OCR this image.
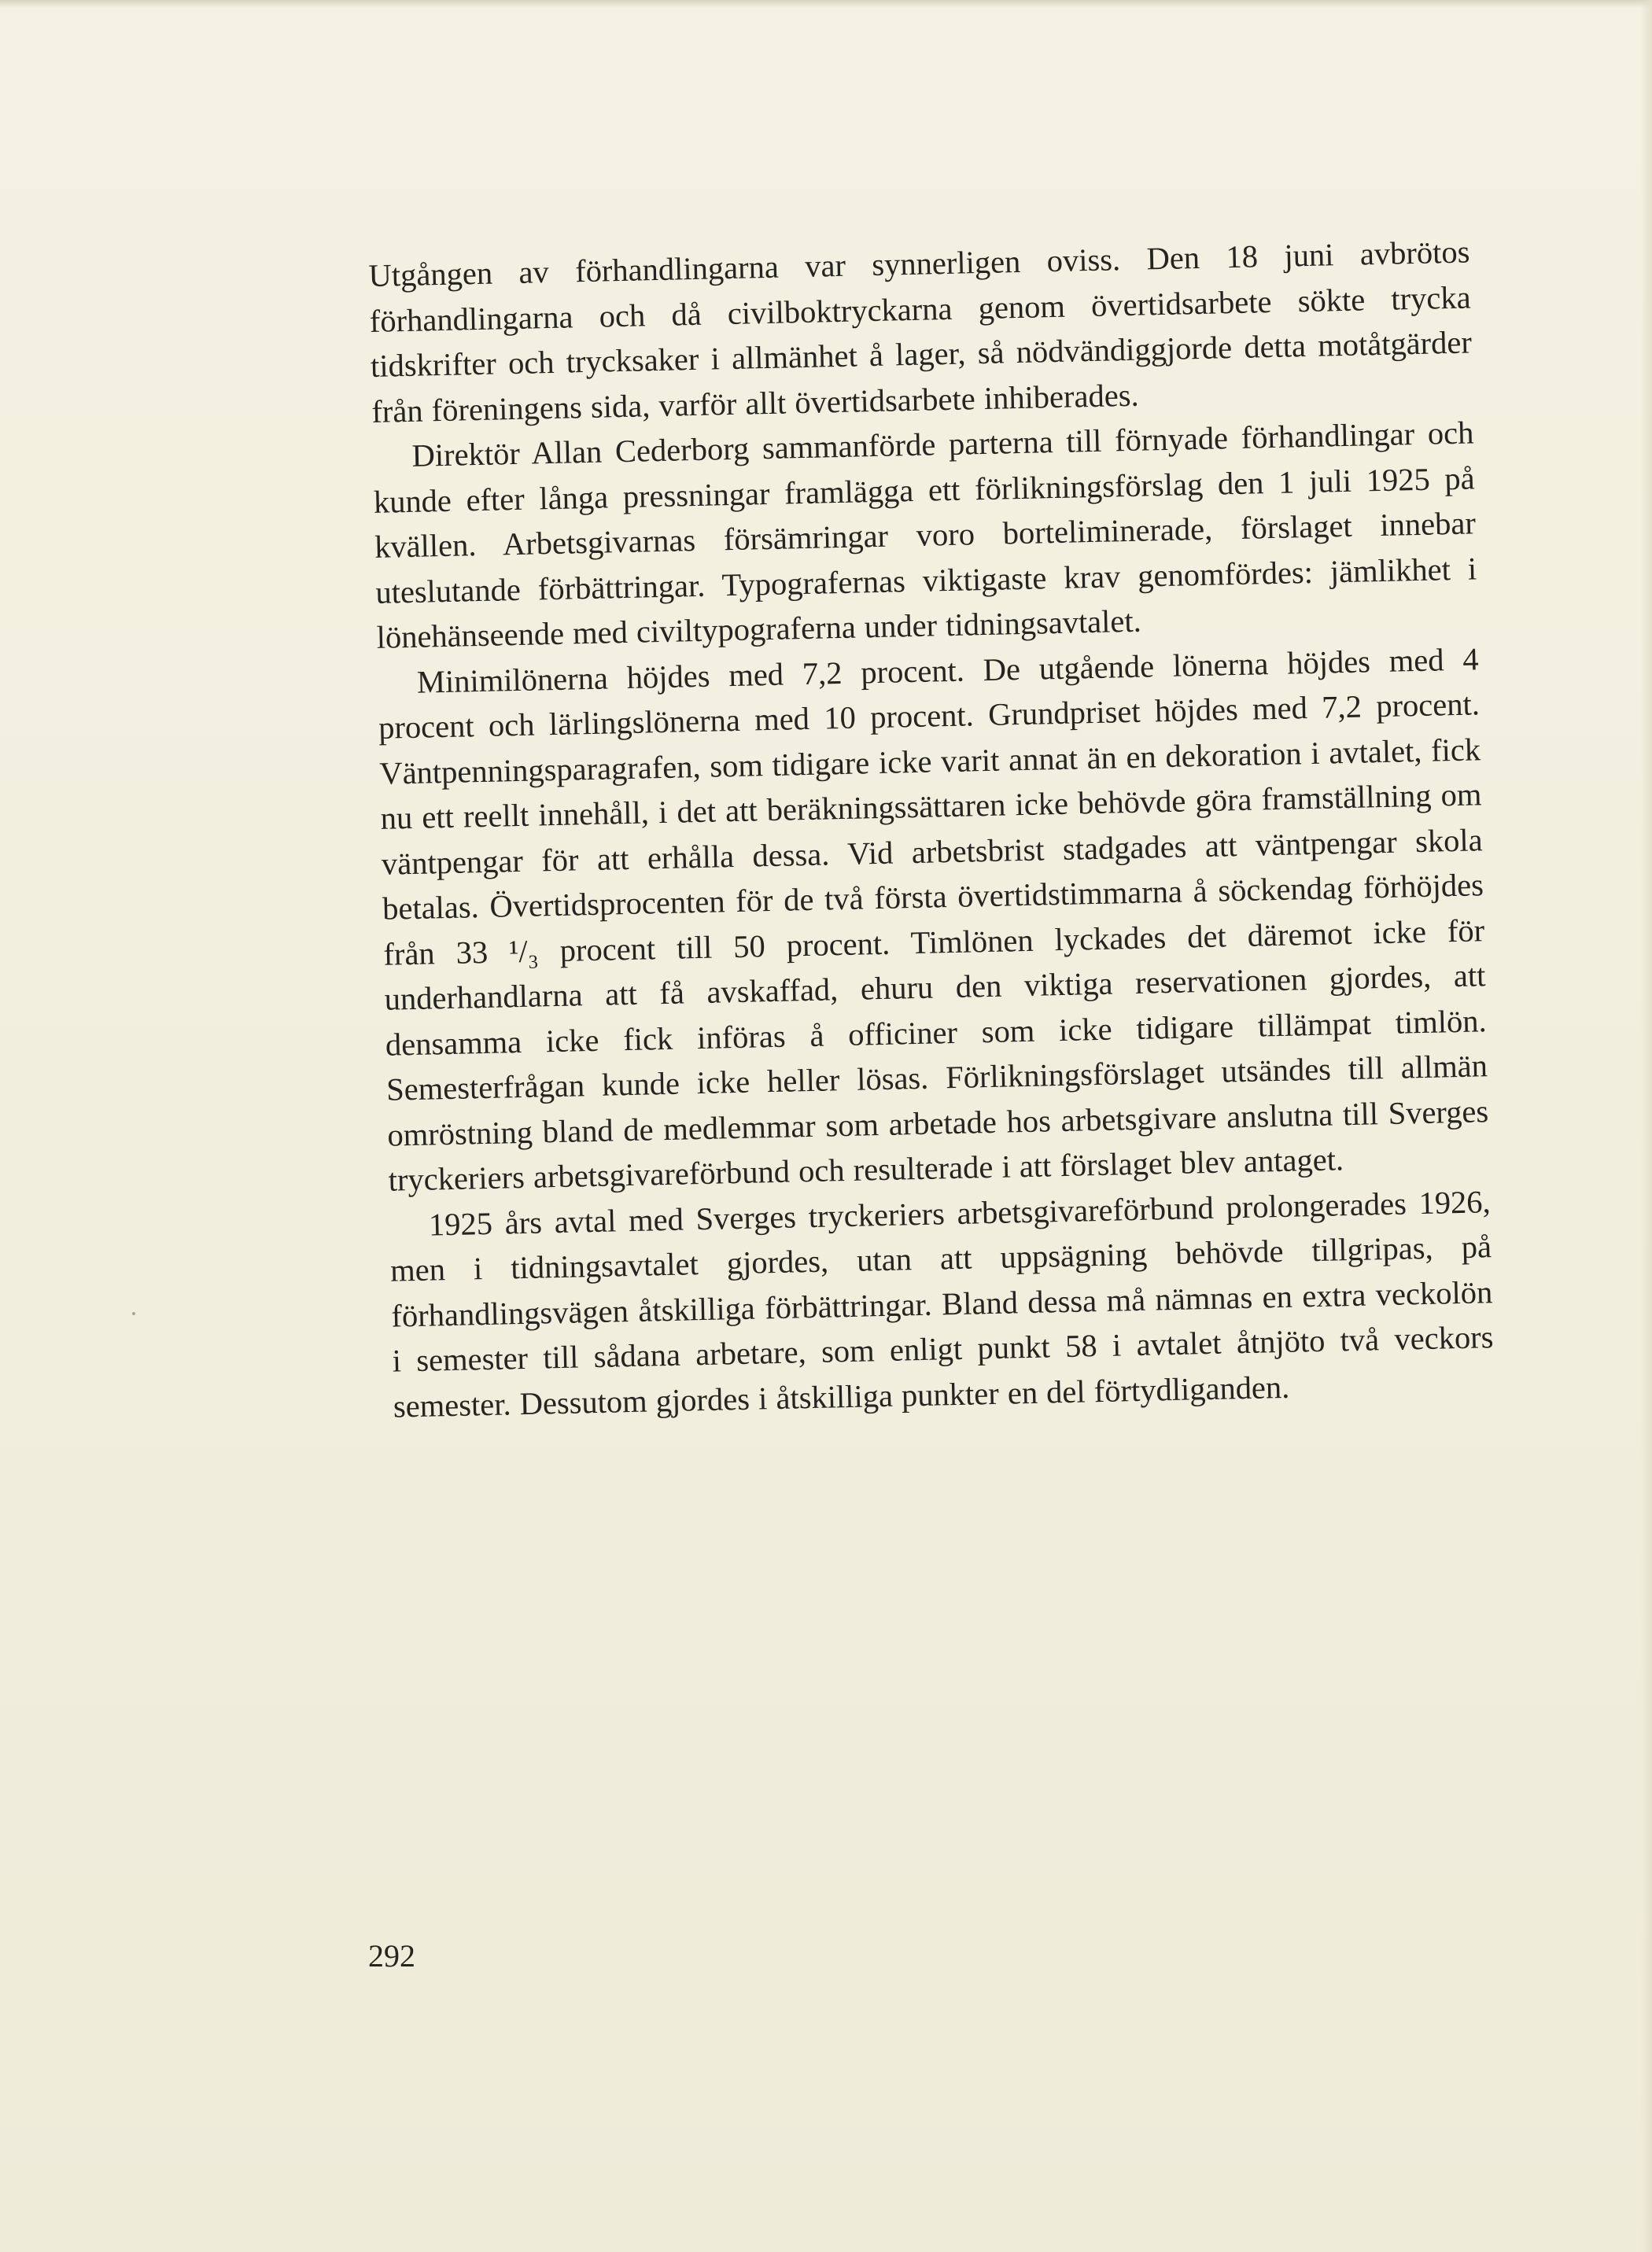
Utgången av förhandlingarna var synnerligen oviss. Den 18 juni avbrötos förhandlingarna och då civilboktryckarna genom övertidsarbete sökte trycka tidskrifter och trycksaker i allmänhet å lager, så nödvändiggjorde detta motåtgärder från föreningens sida, varför allt övertidsarbete inhiberades.

Direktör Allan Cederborg sammanförde parterna till förnyade förhandlingar och kunde efter långa pressningar framlägga ett förlikningsförslag den 1 juli 1925 på kvällen. Arbetsgivarnas försämringar voro borteliminerade, förslaget innebar uteslutande förbättringar. Typografernas viktigaste krav genomfördes: jämlikhet i lönehänseende med civiltypograferna under tidningsavtalet.

Minimilönerna höjdes med 7,2 procent. De utgående lönerna höjdes med 4 procent och lärlingslönerna med 10 procent. Grundpriset höjdes med 7,2 procent. Väntpenningsparagrafen, som tidigare icke varit annat än en dekoration i avtalet, fick nu ett reellt innehåll, i det att beräkningssättaren icke behövde göra framställning om väntpengar för att erhålla dessa. Vid arbetsbrist stadgades att väntpengar skola betalas. Övertidsprocenten för de två första övertidstimmarna å söckendag förhöjdes från 33 ¹/₃ procent till 50 procent. Timlönen lyckades det däremot icke för underhandlarna att få avskaffad, ehuru den viktiga reservationen gjordes, att densamma icke fick införas å officiner som icke tidigare tillämpat timlön. Semesterfrågan kunde icke heller lösas. Förlikningsförslaget utsändes till allmän omröstning bland de medlemmar som arbetade hos arbetsgivare anslutna till Sverges tryckeriers arbetsgivareförbund och resulterade i att förslaget blev antaget.

1925 års avtal med Sverges tryckeriers arbetsgivareförbund prolongerades 1926, men i tidningsavtalet gjordes, utan att uppsägning behövde tillgripas, på förhandlingsvägen åtskilliga förbättringar. Bland dessa må nämnas en extra veckolön i semester till sådana arbetare, som enligt punkt 58 i avtalet åtnjöto två veckors semester. Dessutom gjordes i åtskilliga punkter en del förtydliganden.

292
